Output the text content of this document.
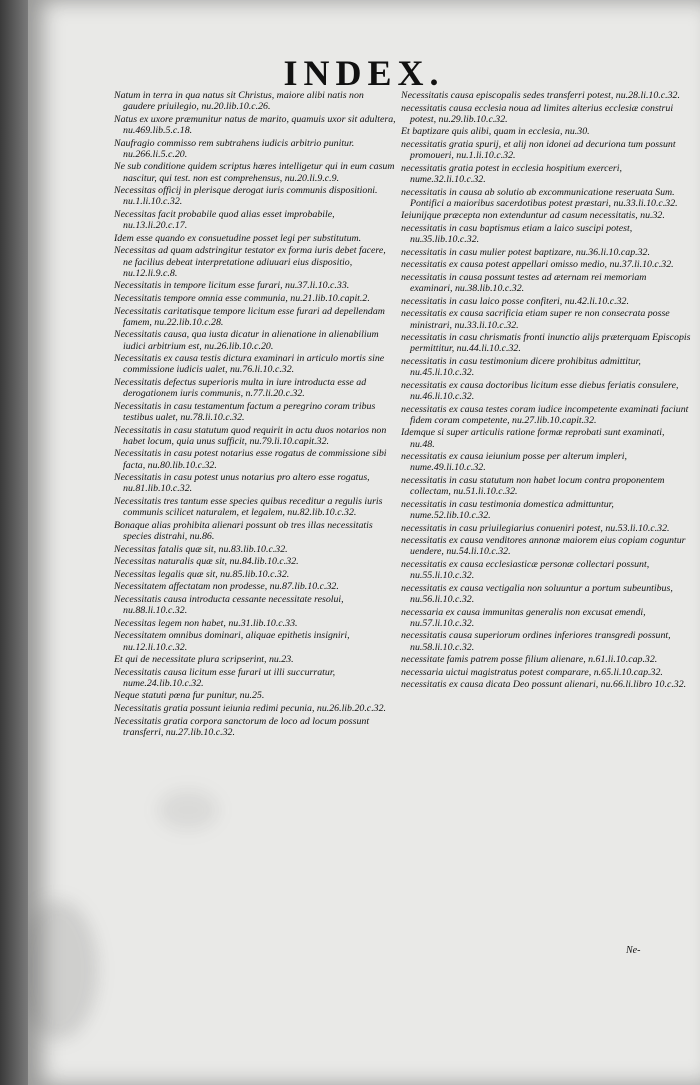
INDEX.

Natum in terra in qua natus sit Christus, maiore alibi natis non gaudere priuilegio, nu.20.lib.10.c.26.

Natus ex uxore præmunitur natus de marito, quamuis uxor sit adultera, nu.469.lib.5.c.18.

Naufragio commisso rem subtrahens iudicis arbitrio punitur. nu.266.li.5.c.20.

Ne sub conditione quidem scriptus hæres intelligetur qui in eum casum nascitur, qui test. non est comprehensus, nu.20.li.9.c.9.

Necessitas officij in plerisque derogat iuris communis dispositioni. nu.1.li.10.c.32.

Necessitas facit probabile quod alias esset improbabile, nu.13.li.20.c.17.

Idem esse quando ex consuetudine posset legi per substitutum.

Necessitas ad quam adstringitur testator ex forma iuris debet facere, ne facilius debeat interpretatione adiuuari eius dispositio, nu.12.li.9.c.8.

Necessitatis in tempore licitum esse furari, nu.37.li.10.c.33.

Necessitatis tempore omnia esse communia, nu.21.lib.10.capit.2.

Necessitatis caritatisque tempore licitum esse furari ad depellendam famem, nu.22.lib.10.c.28.

Necessitatis causa, qua iusta dicatur in alienatione in alienabilium iudici arbitrium est, nu.26.lib.10.c.20.

Necessitatis ex causa testis dictura examinari in articulo mortis sine commissione iudicis ualet, nu.76.li.10.c.32.

Necessitatis defectus superioris multa in iure introducta esse ad derogationem iuris communis, n.77.li.20.c.32.

Necessitatis in casu testamentum factum a peregrino coram tribus testibus ualet, nu.78.li.10.c.32.

Necessitatis in casu statutum quod requirit in actu duos notarios non habet locum, quia unus sufficit, nu.79.li.10.capit.32.

Necessitatis in casu potest notarius esse rogatus de commissione sibi facta, nu.80.lib.10.c.32.

Necessitatis in casu potest unus notarius pro altero esse rogatus, nu.81.lib.10.c.32.

Necessitatis tres tantum esse species quibus receditur a regulis iuris communis scilicet naturalem, et legalem, nu.82.lib.10.c.32.

Bonaque alias prohibita alienari possunt ob tres illas necessitatis species distrahi, nu.86.

Necessitas fatalis quæ sit, nu.83.lib.10.c.32.

Necessitas naturalis quæ sit, nu.84.lib.10.c.32.

Necessitas legalis quæ sit, nu.85.lib.10.c.32.

Necessitatem affectatam non prodesse, nu.87.lib.10.c.32.

Necessitatis causa introducta cessante necessitate resolui, nu.88.li.10.c.32.

Necessitas legem non habet, nu.31.lib.10.c.33.

Necessitatem omnibus dominari, aliquae epithetis insigniri, nu.12.li.10.c.32.

Et qui de necessitate plura scripserint, nu.23.

Necessitatis causa licitum esse furari ut illi succurratur, nume.24.lib.10.c.32.

Neque statuti pœna fur punitur, nu.25.

Necessitatis gratia possunt ieiunia redimi pecunia, nu.26.lib.20.c.32.

Necessitatis gratia corpora sanctorum de loco ad locum possunt transferri, nu.27.lib.10.c.32.

Necessitatis causa episcopalis sedes transferri potest, nu.28.li.10.c.32.

necessitatis causa ecclesia noua ad limites alterius ecclesiæ construi potest, nu.29.lib.10.c.32.

Et baptizare quis alibi, quam in ecclesia, nu.30.

necessitatis gratia spurij, et alij non idonei ad decuriona tum possunt promoueri, nu.1.li.10.c.32.

necessitatis gratia potest in ecclesia hospitium exerceri, nume.32.li.10.c.32.

necessitatis in causa ab solutio ab excommunicatione reseruata Sum. Pontifici a maioribus sacerdotibus potest præstari, nu.33.li.10.c.32.

Ieiunijque præcepta non extenduntur ad casum necessitatis, nu.32.

necessitatis in casu baptismus etiam a laico suscipi potest, nu.35.lib.10.c.32.

necessitatis in casu mulier potest baptizare, nu.36.li.10.cap.32.

necessitatis ex causa potest appellari omisso medio, nu.37.li.10.c.32.

necessitatis in causa possunt testes ad æternam rei memoriam examinari, nu.38.lib.10.c.32.

necessitatis in casu laico posse confiteri, nu.42.li.10.c.32.

necessitatis ex causa sacrificia etiam super re non consecrata posse ministrari, nu.33.li.10.c.32.

necessitatis in casu chrismatis fronti inunctio alijs præterquam Episcopis permittitur, nu.44.li.10.c.32.

necessitatis in casu testimonium dicere prohibitus admittitur, nu.45.li.10.c.32.

necessitatis ex causa doctoribus licitum esse diebus feriatis consulere, nu.46.li.10.c.32.

necessitatis ex causa testes coram iudice incompetente examinati faciunt fidem coram competente, nu.27.lib.10.capit.32.

Idemque si super articulis ratione formæ reprobati sunt examinati, nu.48.

necessitatis ex causa ieiunium posse per alterum impleri, nume.49.li.10.c.32.

necessitatis in casu statutum non habet locum contra proponentem collectam, nu.51.li.10.c.32.

necessitatis in casu testimonia domestica admittuntur, nume.52.lib.10.c.32.

necessitatis in casu priuilegiarius conueniri potest, nu.53.li.10.c.32.

necessitatis ex causa venditores annonæ maiorem eius copiam coguntur uendere, nu.54.li.10.c.32.

necessitatis ex causa ecclesiasticæ personæ collectari possunt, nu.55.li.10.c.32.

necessitatis ex causa vectigalia non soluuntur a portum subeuntibus, nu.56.li.10.c.32.

necessaria ex causa immunitas generalis non excusat emendi, nu.57.li.10.c.32.

necessitatis causa superiorum ordines inferiores transgredi possunt, nu.58.li.10.c.32.

necessitate famis patrem posse filium alienare, n.61.li.10.cap.32.

necessaria uictui magistratus potest comparare, n.65.li.10.cap.32.

necessitatis ex causa dicata Deo possunt alienari, nu.66.li.libro 10.c.32.

Ne-
